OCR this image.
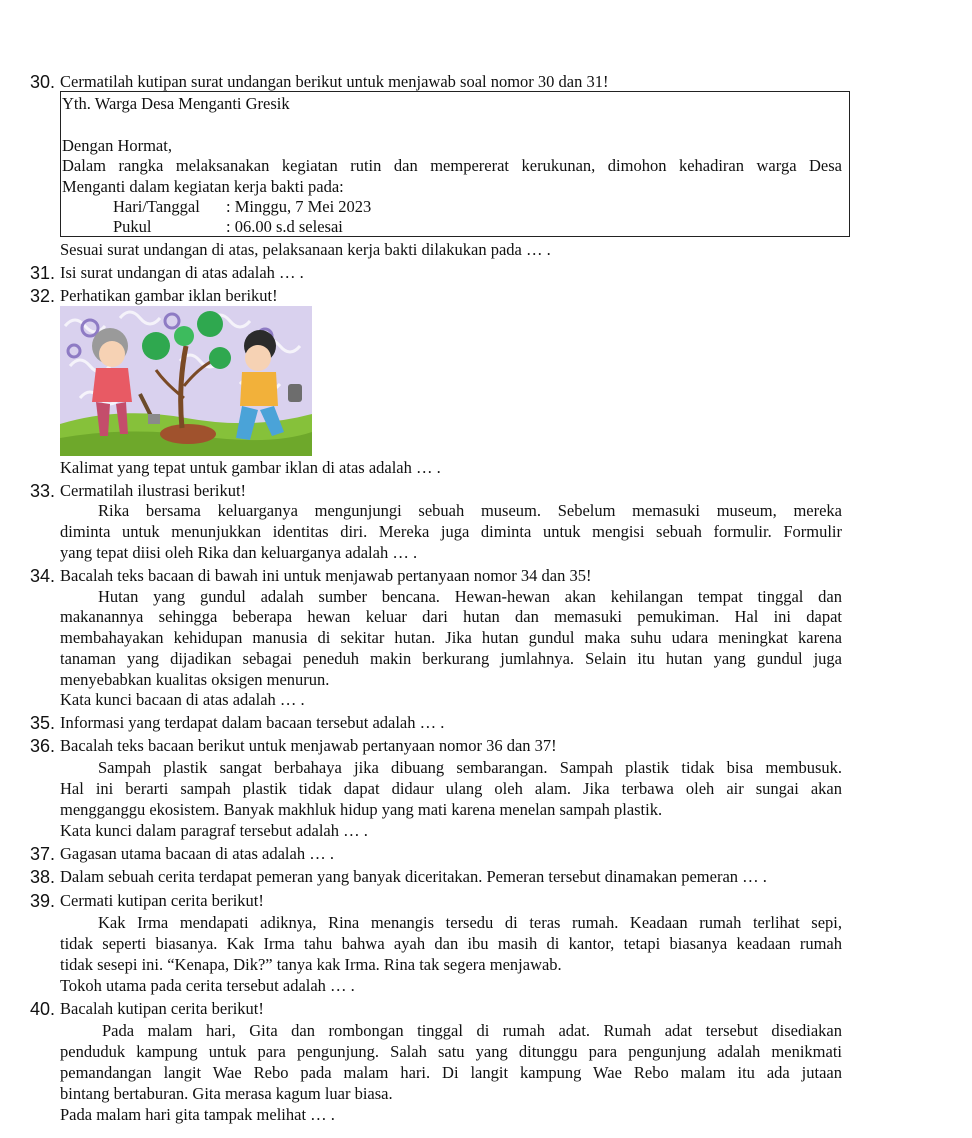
30. Cermatilah kutipan surat undangan berikut untuk menjawab soal nomor 30 dan 31!
Yth. Warga Desa Menganti Gresik
Dengan Hormat,
Dalam rangka melaksanakan kegiatan rutin dan mempererat kerukunan, dimohon kehadiran warga Desa
Menganti dalam kegiatan kerja bakti pada:
Hari/Tanggal : Minggu, 7 Mei 2023
Pukul	: 06.00 s.d selesai
Sesuai surat undangan di atas, pelaksanaan kerja bakti dilakukan pada … .
31. Isi surat undangan di atas adalah … .
32. Perhatikan gambar iklan berikut!
Kalimat yang tepat untuk gambar iklan di atas adalah … .
33. Cermatilah ilustrasi berikut!
Rika bersama keluarganya mengunjungi sebuah museum. Sebelum memasuki museum, mereka
diminta untuk menunjukkan identitas diri. Mereka juga diminta untuk mengisi sebuah formulir. Formulir
yang tepat diisi oleh Rika dan keluarganya adalah … .
34. Bacalah teks bacaan di bawah ini untuk menjawab pertanyaan nomor 34 dan 35!
Hutan yang gundul adalah sumber bencana. Hewan-hewan akan kehilangan tempat tinggal dan
makanannya sehingga beberapa hewan keluar dari hutan dan memasuki pemukiman. Hal ini dapat
membahayakan kehidupan manusia di sekitar hutan. Jika hutan gundul maka suhu udara meningkat karena
tanaman yang dijadikan sebagai peneduh makin berkurang jumlahnya. Selain itu hutan yang gundul juga
menyebabkan kualitas oksigen menurun.
Kata kunci bacaan di atas adalah … .
35. Informasi yang terdapat dalam bacaan tersebut adalah … .
36. Bacalah teks bacaan berikut untuk menjawab pertanyaan nomor 36 dan 37!
Sampah plastik sangat berbahaya jika dibuang sembarangan. Sampah plastik tidak bisa membusuk.
Hal ini berarti sampah plastik tidak dapat didaur ulang oleh alam. Jika terbawa oleh air sungai akan
mengganggu ekosistem. Banyak makhluk hidup yang mati karena menelan sampah plastik.
Kata kunci dalam paragraf tersebut adalah … .
37. Gagasan utama bacaan di atas adalah … .
38. Dalam sebuah cerita terdapat pemeran yang banyak diceritakan. Pemeran tersebut dinamakan pemeran … .
39. Cermati kutipan cerita berikut!
Kak Irma mendapati adiknya, Rina menangis tersedu di teras rumah. Keadaan rumah terlihat sepi,
tidak seperti biasanya. Kak Irma tahu bahwa ayah dan ibu masih di kantor, tetapi biasanya keadaan rumah
tidak sesepi ini. “Kenapa, Dik?” tanya kak Irma. Rina tak segera menjawab.
Tokoh utama pada cerita tersebut adalah … .
40. Bacalah kutipan cerita berikut!
Pada malam hari, Gita dan rombongan tinggal di rumah adat. Rumah adat tersebut disediakan
penduduk kampung untuk para pengunjung. Salah satu yang ditunggu para pengunjung adalah menikmati
pemandangan langit Wae Rebo pada malam hari. Di langit kampung Wae Rebo malam itu ada jutaan
bintang bertaburan. Gita merasa kagum luar biasa.
Pada malam hari gita tampak melihat … .
